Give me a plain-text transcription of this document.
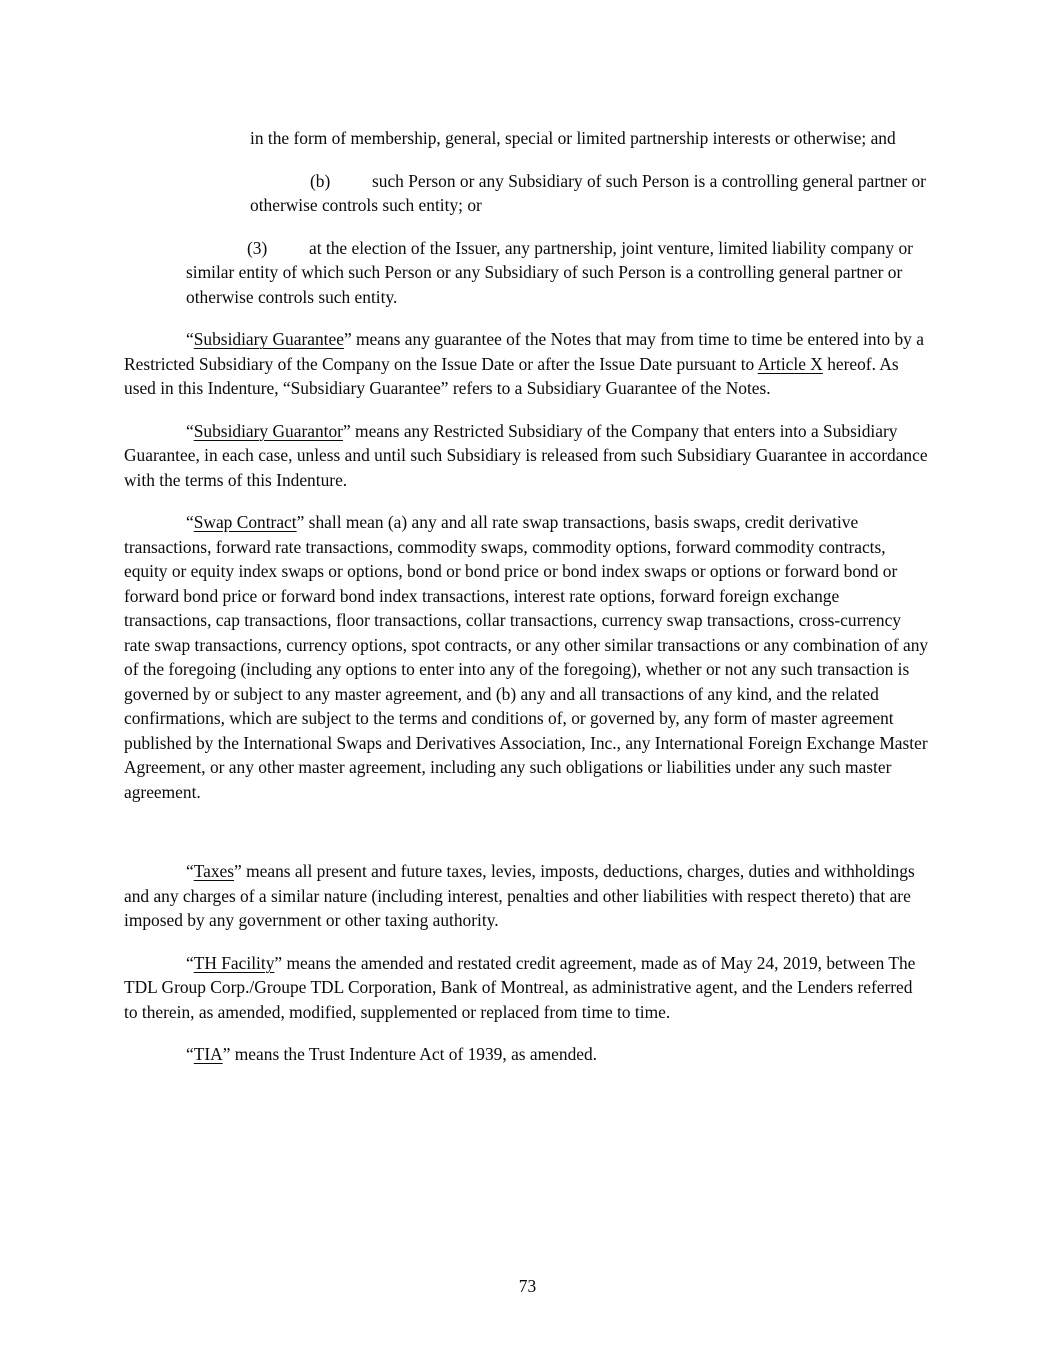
in the form of membership, general, special or limited partnership interests or otherwise; and

(b) such Person or any Subsidiary of such Person is a controlling general partner or otherwise controls such entity; or

(3) at the election of the Issuer, any partnership, joint venture, limited liability company or similar entity of which such Person or any Subsidiary of such Person is a controlling general partner or otherwise controls such entity.

“Subsidiary Guarantee” means any guarantee of the Notes that may from time to time be entered into by a Restricted Subsidiary of the Company on the Issue Date or after the Issue Date pursuant to Article X hereof. As used in this Indenture, “Subsidiary Guarantee” refers to a Subsidiary Guarantee of the Notes.

“Subsidiary Guarantor” means any Restricted Subsidiary of the Company that enters into a Subsidiary Guarantee, in each case, unless and until such Subsidiary is released from such Subsidiary Guarantee in accordance with the terms of this Indenture.

“Swap Contract” shall mean (a) any and all rate swap transactions, basis swaps, credit derivative transactions, forward rate transactions, commodity swaps, commodity options, forward commodity contracts, equity or equity index swaps or options, bond or bond price or bond index swaps or options or forward bond or forward bond price or forward bond index transactions, interest rate options, forward foreign exchange transactions, cap transactions, floor transactions, collar transactions, currency swap transactions, cross-currency rate swap transactions, currency options, spot contracts, or any other similar transactions or any combination of any of the foregoing (including any options to enter into any of the foregoing), whether or not any such transaction is governed by or subject to any master agreement, and (b) any and all transactions of any kind, and the related confirmations, which are subject to the terms and conditions of, or governed by, any form of master agreement published by the International Swaps and Derivatives Association, Inc., any International Foreign Exchange Master Agreement, or any other master agreement, including any such obligations or liabilities under any such master agreement.

“Taxes” means all present and future taxes, levies, imposts, deductions, charges, duties and withholdings and any charges of a similar nature (including interest, penalties and other liabilities with respect thereto) that are imposed by any government or other taxing authority.

“TH Facility” means the amended and restated credit agreement, made as of May 24, 2019, between The TDL Group Corp./Groupe TDL Corporation, Bank of Montreal, as administrative agent, and the Lenders referred to therein, as amended, modified, supplemented or replaced from time to time.

“TIA” means the Trust Indenture Act of 1939, as amended.

73
